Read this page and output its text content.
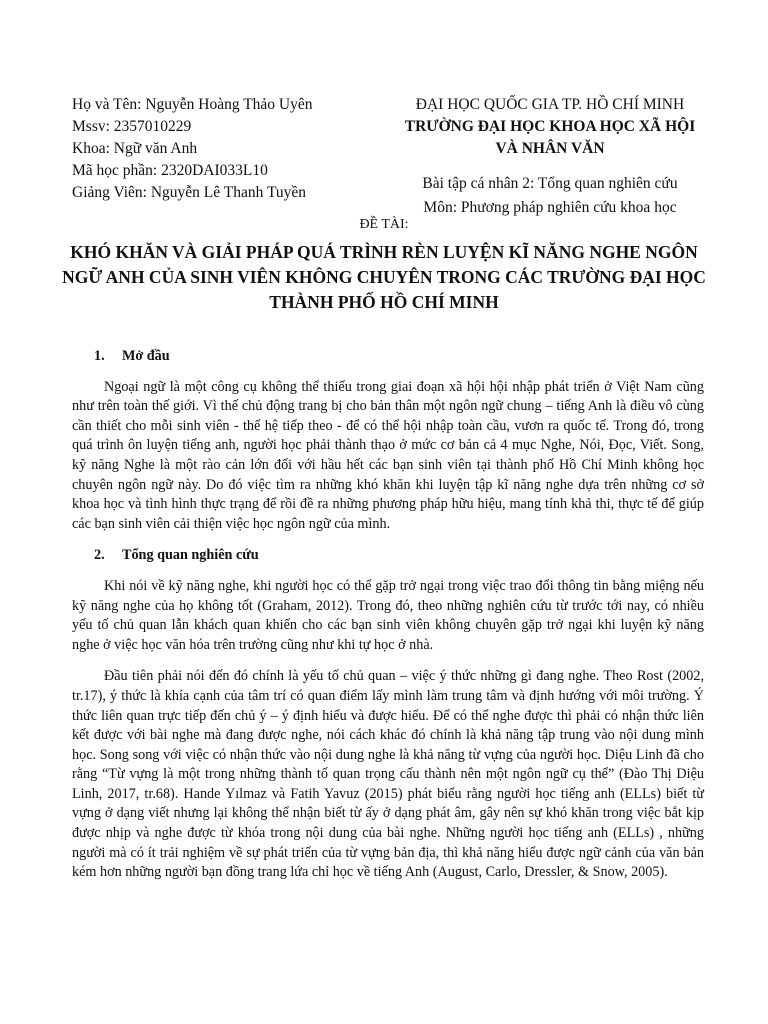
Họ và Tên: Nguyễn Hoàng Thảo Uyên
Mssv: 2357010229
Khoa: Ngữ văn Anh
Mã học phần: 2320DAI033L10
Giảng Viên: Nguyễn Lê Thanh Tuyền
ĐẠI HỌC QUỐC GIA TP. HỒ CHÍ MINH
TRƯỜNG ĐẠI HỌC KHOA HỌC XÃ HỘI VÀ NHÂN VĂN
Bài tập cá nhân 2: Tổng quan nghiên cứu
Môn: Phương pháp nghiên cứu khoa học
ĐỀ TÀI:
KHÓ KHĂN VÀ GIẢI PHÁP QUÁ TRÌNH RÈN LUYỆN KĨ NĂNG NGHE NGÔN NGỮ ANH CỦA SINH VIÊN KHÔNG CHUYÊN TRONG CÁC TRƯỜNG ĐẠI HỌC THÀNH PHỐ HỒ CHÍ MINH
1.	Mở đầu

Ngoại ngữ là một công cụ không thể thiếu trong giai đoạn xã hội hội nhập phát triển ở Việt Nam cũng như trên toàn thế giới. Vì thế chủ động trang bị cho bản thân một ngôn ngữ chung – tiếng Anh là điều vô cùng cần thiết cho mỗi sinh viên - thế hệ tiếp theo - để có thể hội nhập toàn cầu, vươn ra quốc tế. Trong đó, trong quá trình ôn luyện tiếng anh, người học phải thành thạo ở mức cơ bản cả 4 mục Nghe, Nói, Đọc, Viết. Song, kỹ năng Nghe là một rào cản lớn đối với hầu hết các bạn sinh viên tại thành phố Hồ Chí Minh không học chuyên ngôn ngữ này. Do đó việc tìm ra những khó khăn khi luyện tập kĩ năng nghe dựa trên những cơ sở khoa học và tình hình thực trạng để rồi đề ra những phương pháp hữu hiệu, mang tính khả thi, thực tế để giúp các bạn sinh viên cải thiện việc học ngôn ngữ của mình.

2.	Tổng quan nghiên cứu

Khi nói về kỹ năng nghe, khi người học có thể gặp trở ngại trong việc trao đổi thông tin bằng miệng nếu kỹ năng nghe của họ không tốt (Graham, 2012). Trong đó, theo những nghiên cứu từ trước tới nay, có nhiều yếu tố chủ quan lẫn khách quan khiến cho các bạn sinh viên không chuyên gặp trở ngại khi luyện kỹ năng nghe ở việc học văn hóa trên trường cũng như khi tự học ở nhà.

Đầu tiên phải nói đến đó chính là yếu tố chủ quan – việc ý thức những gì đang nghe. Theo Rost (2002, tr.17), ý thức là khía cạnh của tâm trí có quan điểm lấy mình làm trung tâm và định hướng với môi trường. Ý thức liên quan trực tiếp đến chủ ý – ý định hiểu và được hiểu. Để có thể nghe được thì phải có nhận thức liên kết được với bài nghe mà đang được nghe, nói cách khác đó chính là khả năng tập trung vào nội dung mình học. Song song với việc có nhận thức vào nội dung nghe là khả năng từ vựng của người học. Diệu Linh đã cho rằng “Từ vựng là một trong những thành tố quan trọng cấu thành nên một ngôn ngữ cụ thể” (Đào Thị Diệu Linh, 2017, tr.68). Hande Yılmaz và Fatih Yavuz (2015) phát biểu rằng người học tiếng anh (ELLs) biết từ vựng ở dạng viết nhưng lại không thể nhận biết từ ấy ở dạng phát âm, gây nên sự khó khăn trong việc bắt kịp được nhịp và nghe được từ khóa trong nội dung của bài nghe. Những người học tiếng anh (ELLs) , những người mà có ít trải nghiệm về sự phát triển của từ vựng bản địa, thì khả năng hiểu được ngữ cảnh của văn bản kém hơn những người bạn đồng trang lứa chỉ học về tiếng Anh (August, Carlo, Dressler, & Snow, 2005).
